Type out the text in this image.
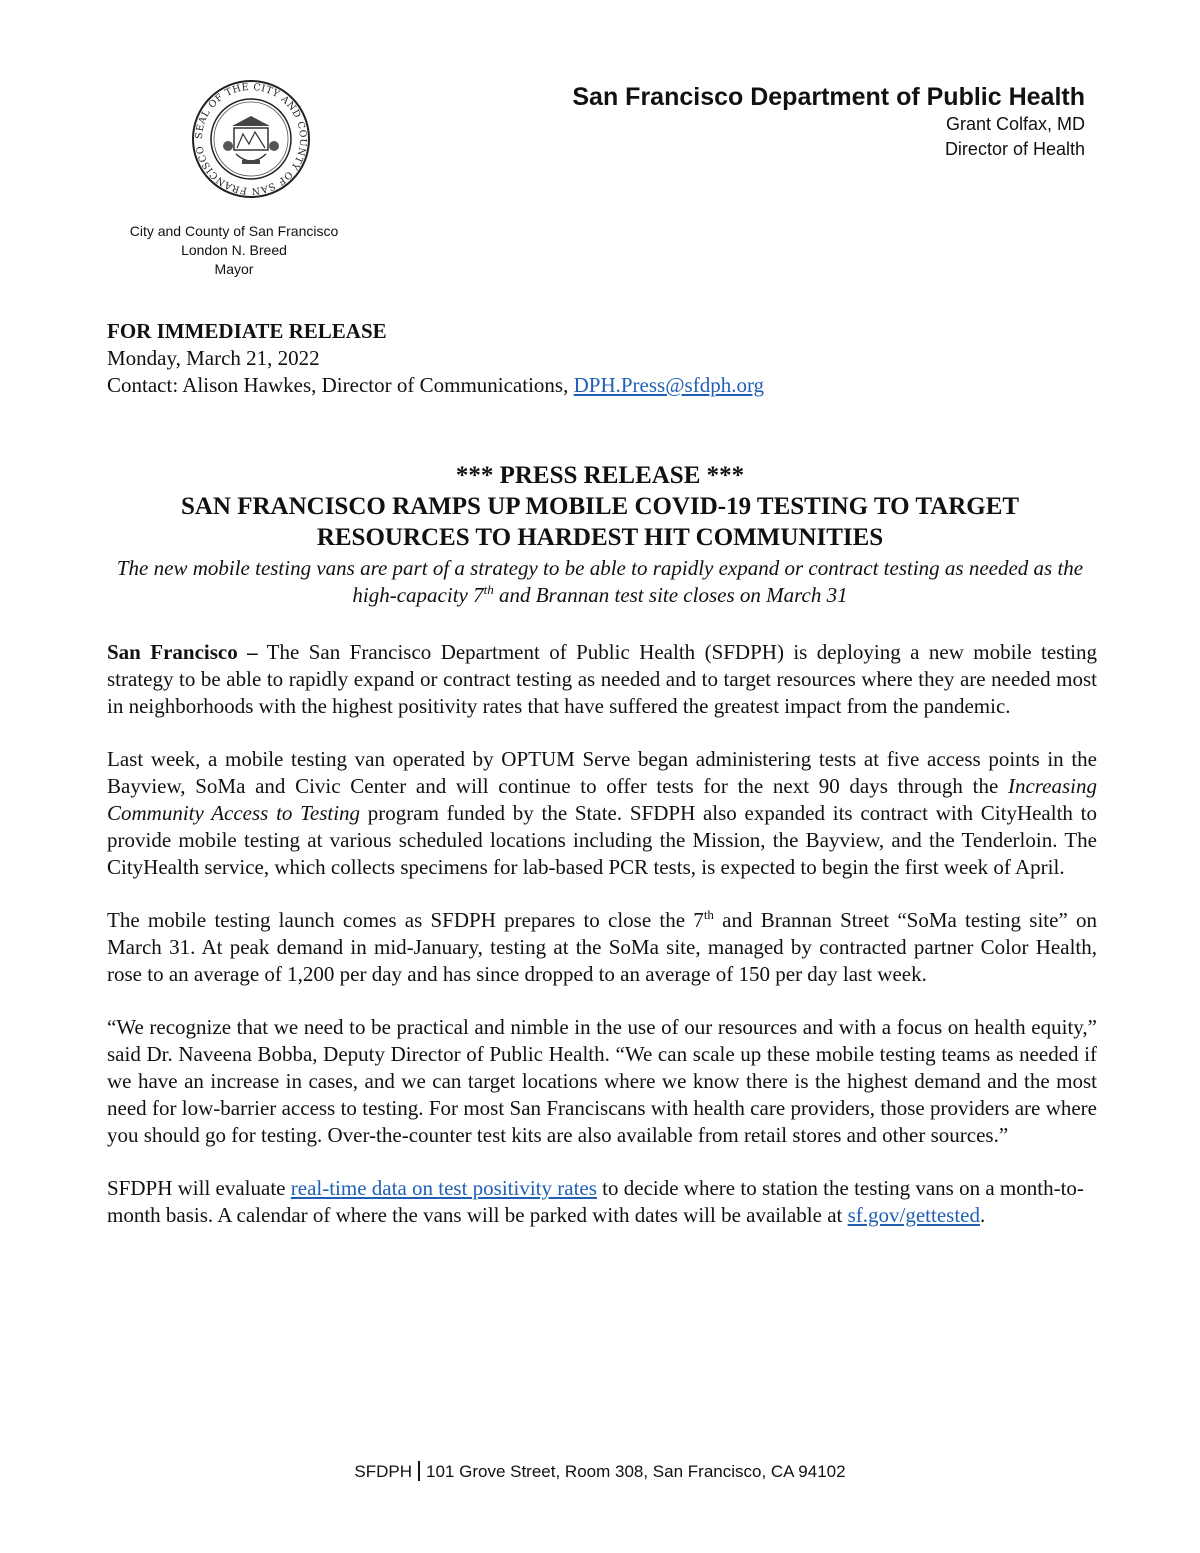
SEAL OF THE CITY AND COUNTY OF SAN FRANCISCO
San Francisco Department of Public Health
Grant Colfax, MD
Director of Health
City and County of San Francisco
London N. Breed
Mayor
FOR IMMEDIATE RELEASE
Monday, March 21, 2022
Contact: Alison Hawkes, Director of Communications, DPH.Press@sfdph.org
*** PRESS RELEASE ***
SAN FRANCISCO RAMPS UP MOBILE COVID-19 TESTING TO TARGET
RESOURCES TO HARDEST HIT COMMUNITIES
The new mobile testing vans are part of a strategy to be able to rapidly expand or contract testing as needed as the high-capacity 7th and Brannan test site closes on March 31

San Francisco – The San Francisco Department of Public Health (SFDPH) is deploying a new mobile testing strategy to be able to rapidly expand or contract testing as needed and to target resources where they are needed most in neighborhoods with the highest positivity rates that have suffered the greatest impact from the pandemic.

Last week, a mobile testing van operated by OPTUM Serve began administering tests at five access points in the Bayview, SoMa and Civic Center and will continue to offer tests for the next 90 days through the Increasing Community Access to Testing program funded by the State. SFDPH also expanded its contract with CityHealth to provide mobile testing at various scheduled locations including the Mission, the Bayview, and the Tenderloin. The CityHealth service, which collects specimens for lab-based PCR tests, is expected to begin the first week of April.

The mobile testing launch comes as SFDPH prepares to close the 7th and Brannan Street “SoMa testing site” on March 31. At peak demand in mid-January, testing at the SoMa site, managed by contracted partner Color Health, rose to an average of 1,200 per day and has since dropped to an average of 150 per day last week.

“We recognize that we need to be practical and nimble in the use of our resources and with a focus on health equity,” said Dr. Naveena Bobba, Deputy Director of Public Health. “We can scale up these mobile testing teams as needed if we have an increase in cases, and we can target locations where we know there is the highest demand and the most need for low-barrier access to testing. For most San Franciscans with health care providers, those providers are where you should go for testing. Over-the-counter test kits are also available from retail stores and other sources.”

SFDPH will evaluate real-time data on test positivity rates to decide where to station the testing vans on a month-to-month basis. A calendar of where the vans will be parked with dates will be available at sf.gov/gettested.

SFDPH 101 Grove Street, Room 308, San Francisco, CA 94102
